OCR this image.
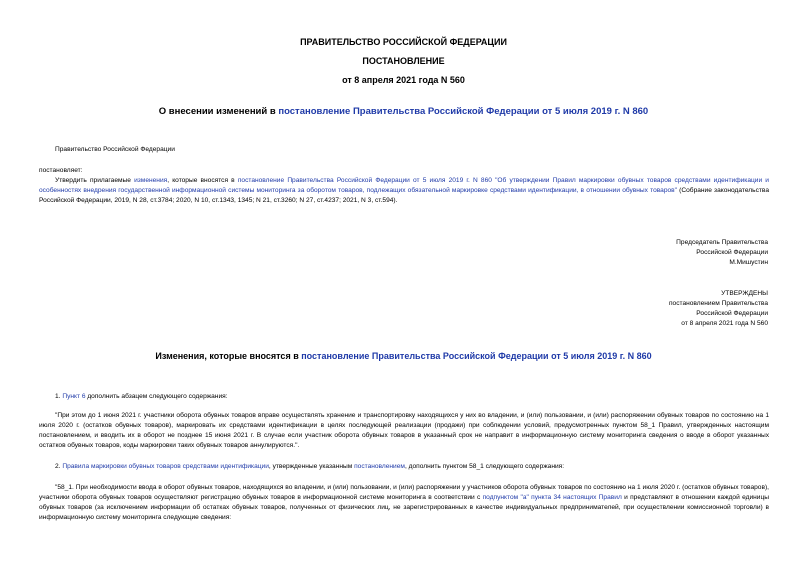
ПРАВИТЕЛЬСТВО РОССИЙСКОЙ ФЕДЕРАЦИИ
ПОСТАНОВЛЕНИЕ
от 8 апреля 2021 года N 560
О внесении изменений в постановление Правительства Российской Федерации от 5 июля 2019 г. N 860
Правительство Российской Федерации
постановляет:
Утвердить прилагаемые изменения, которые вносятся в постановление Правительства Российской Федерации от 5 июля 2019 г. N 860 "Об утверждении Правил маркировки обувных товаров средствами идентификации и особенностях внедрения государственной информационной системы мониторинга за оборотом товаров, подлежащих обязательной маркировке средствами идентификации, в отношении обувных товаров" (Собрание законодательства Российской Федерации, 2019, N 28, ст.3784; 2020, N 10, ст.1343, 1345; N 21, ст.3260; N 27, ст.4237; 2021, N 3, ст.594).
Председатель Правительства
Российской Федерации
М.Мишустин
УТВЕРЖДЕНЫ
постановлением Правительства
Российской Федерации
от 8 апреля 2021 года N 560
Изменения, которые вносятся в постановление Правительства Российской Федерации от 5 июля 2019 г. N 860
1. Пункт 6 дополнить абзацем следующего содержания:
"При этом до 1 июня 2021 г. участники оборота обувных товаров вправе осуществлять хранение и транспортировку находящихся у них во владении, и (или) пользовании, и (или) распоряжении обувных товаров по состоянию на 1 июля 2020 г. (остатков обувных товаров), маркировать их средствами идентификации в целях последующей реализации (продажи) при соблюдении условий, предусмотренных пунктом 58_1 Правил, утвержденных настоящим постановлением, и вводить их в оборот не позднее 15 июня 2021 г. В случае если участник оборота обувных товаров в указанный срок не направит в информационную систему мониторинга сведения о вводе в оборот указанных остатков обувных товаров, коды маркировки таких обувных товаров аннулируются.".
2. Правила маркировки обувных товаров средствами идентификации, утвержденные указанным постановлением, дополнить пунктом 58_1 следующего содержания:
"58_1. При необходимости ввода в оборот обувных товаров, находящихся во владении, и (или) пользовании, и (или) распоряжении у участников оборота обувных товаров по состоянию на 1 июля 2020 г. (остатков обувных товаров), участники оборота обувных товаров осуществляют регистрацию обувных товаров в информационной системе мониторинга в соответствии с подпунктом "а" пункта 34 настоящих Правил и представляют в отношении каждой единицы обувных товаров (за исключением информации об остатках обувных товаров, полученных от физических лиц, не зарегистрированных в качестве индивидуальных предпринимателей, при осуществлении комиссионной торговли) в информационную систему мониторинга следующие сведения:
